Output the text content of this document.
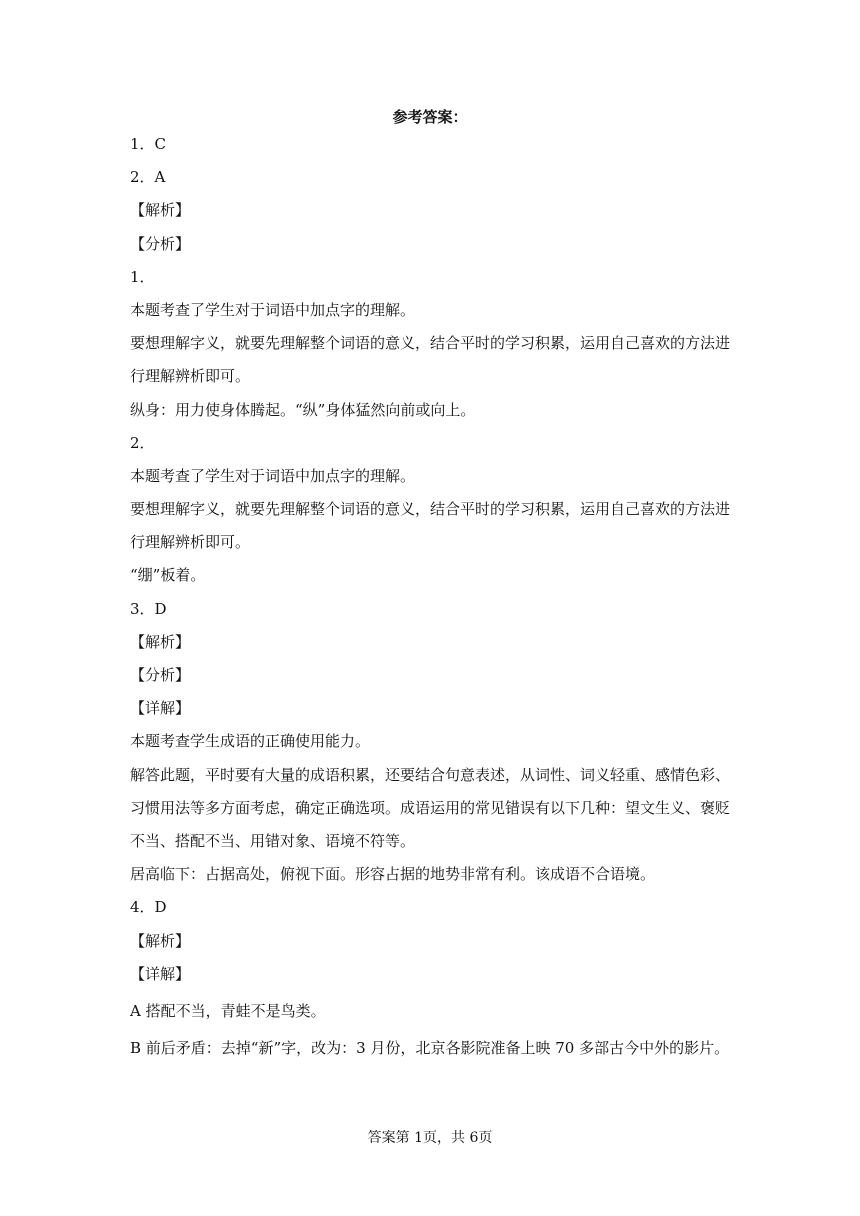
参考答案：
1．C
2．A
【解析】
【分析】
1．
本题考查了学生对于词语中加点字的理解。
要想理解字义，就要先理解整个词语的意义，结合平时的学习积累，运用自己喜欢的方法进
行理解辨析即可。
纵身：用力使身体腾起。“纵”身体猛然向前或向上。
2．
本题考查了学生对于词语中加点字的理解。
要想理解字义，就要先理解整个词语的意义，结合平时的学习积累，运用自己喜欢的方法进
行理解辨析即可。
“绷”板着。
3．D
【解析】
【分析】
【详解】
本题考查学生成语的正确使用能力。
解答此题，平时要有大量的成语积累，还要结合句意表述，从词性、词义轻重、感情色彩、
习惯用法等多方面考虑，确定正确选项。成语运用的常见错误有以下几种：望文生义、褒贬
不当、搭配不当、用错对象、语境不符等。
居高临下：占据高处，俯视下面。形容占据的地势非常有利。该成语不合语境。
4．D
【解析】
【详解】
A 搭配不当，青蛙不是鸟类。
B 前后矛盾：去掉“新”字，改为：3 月份，北京各影院准备上映 70 多部古今中外的影片。
答案第 1页，共 6页
